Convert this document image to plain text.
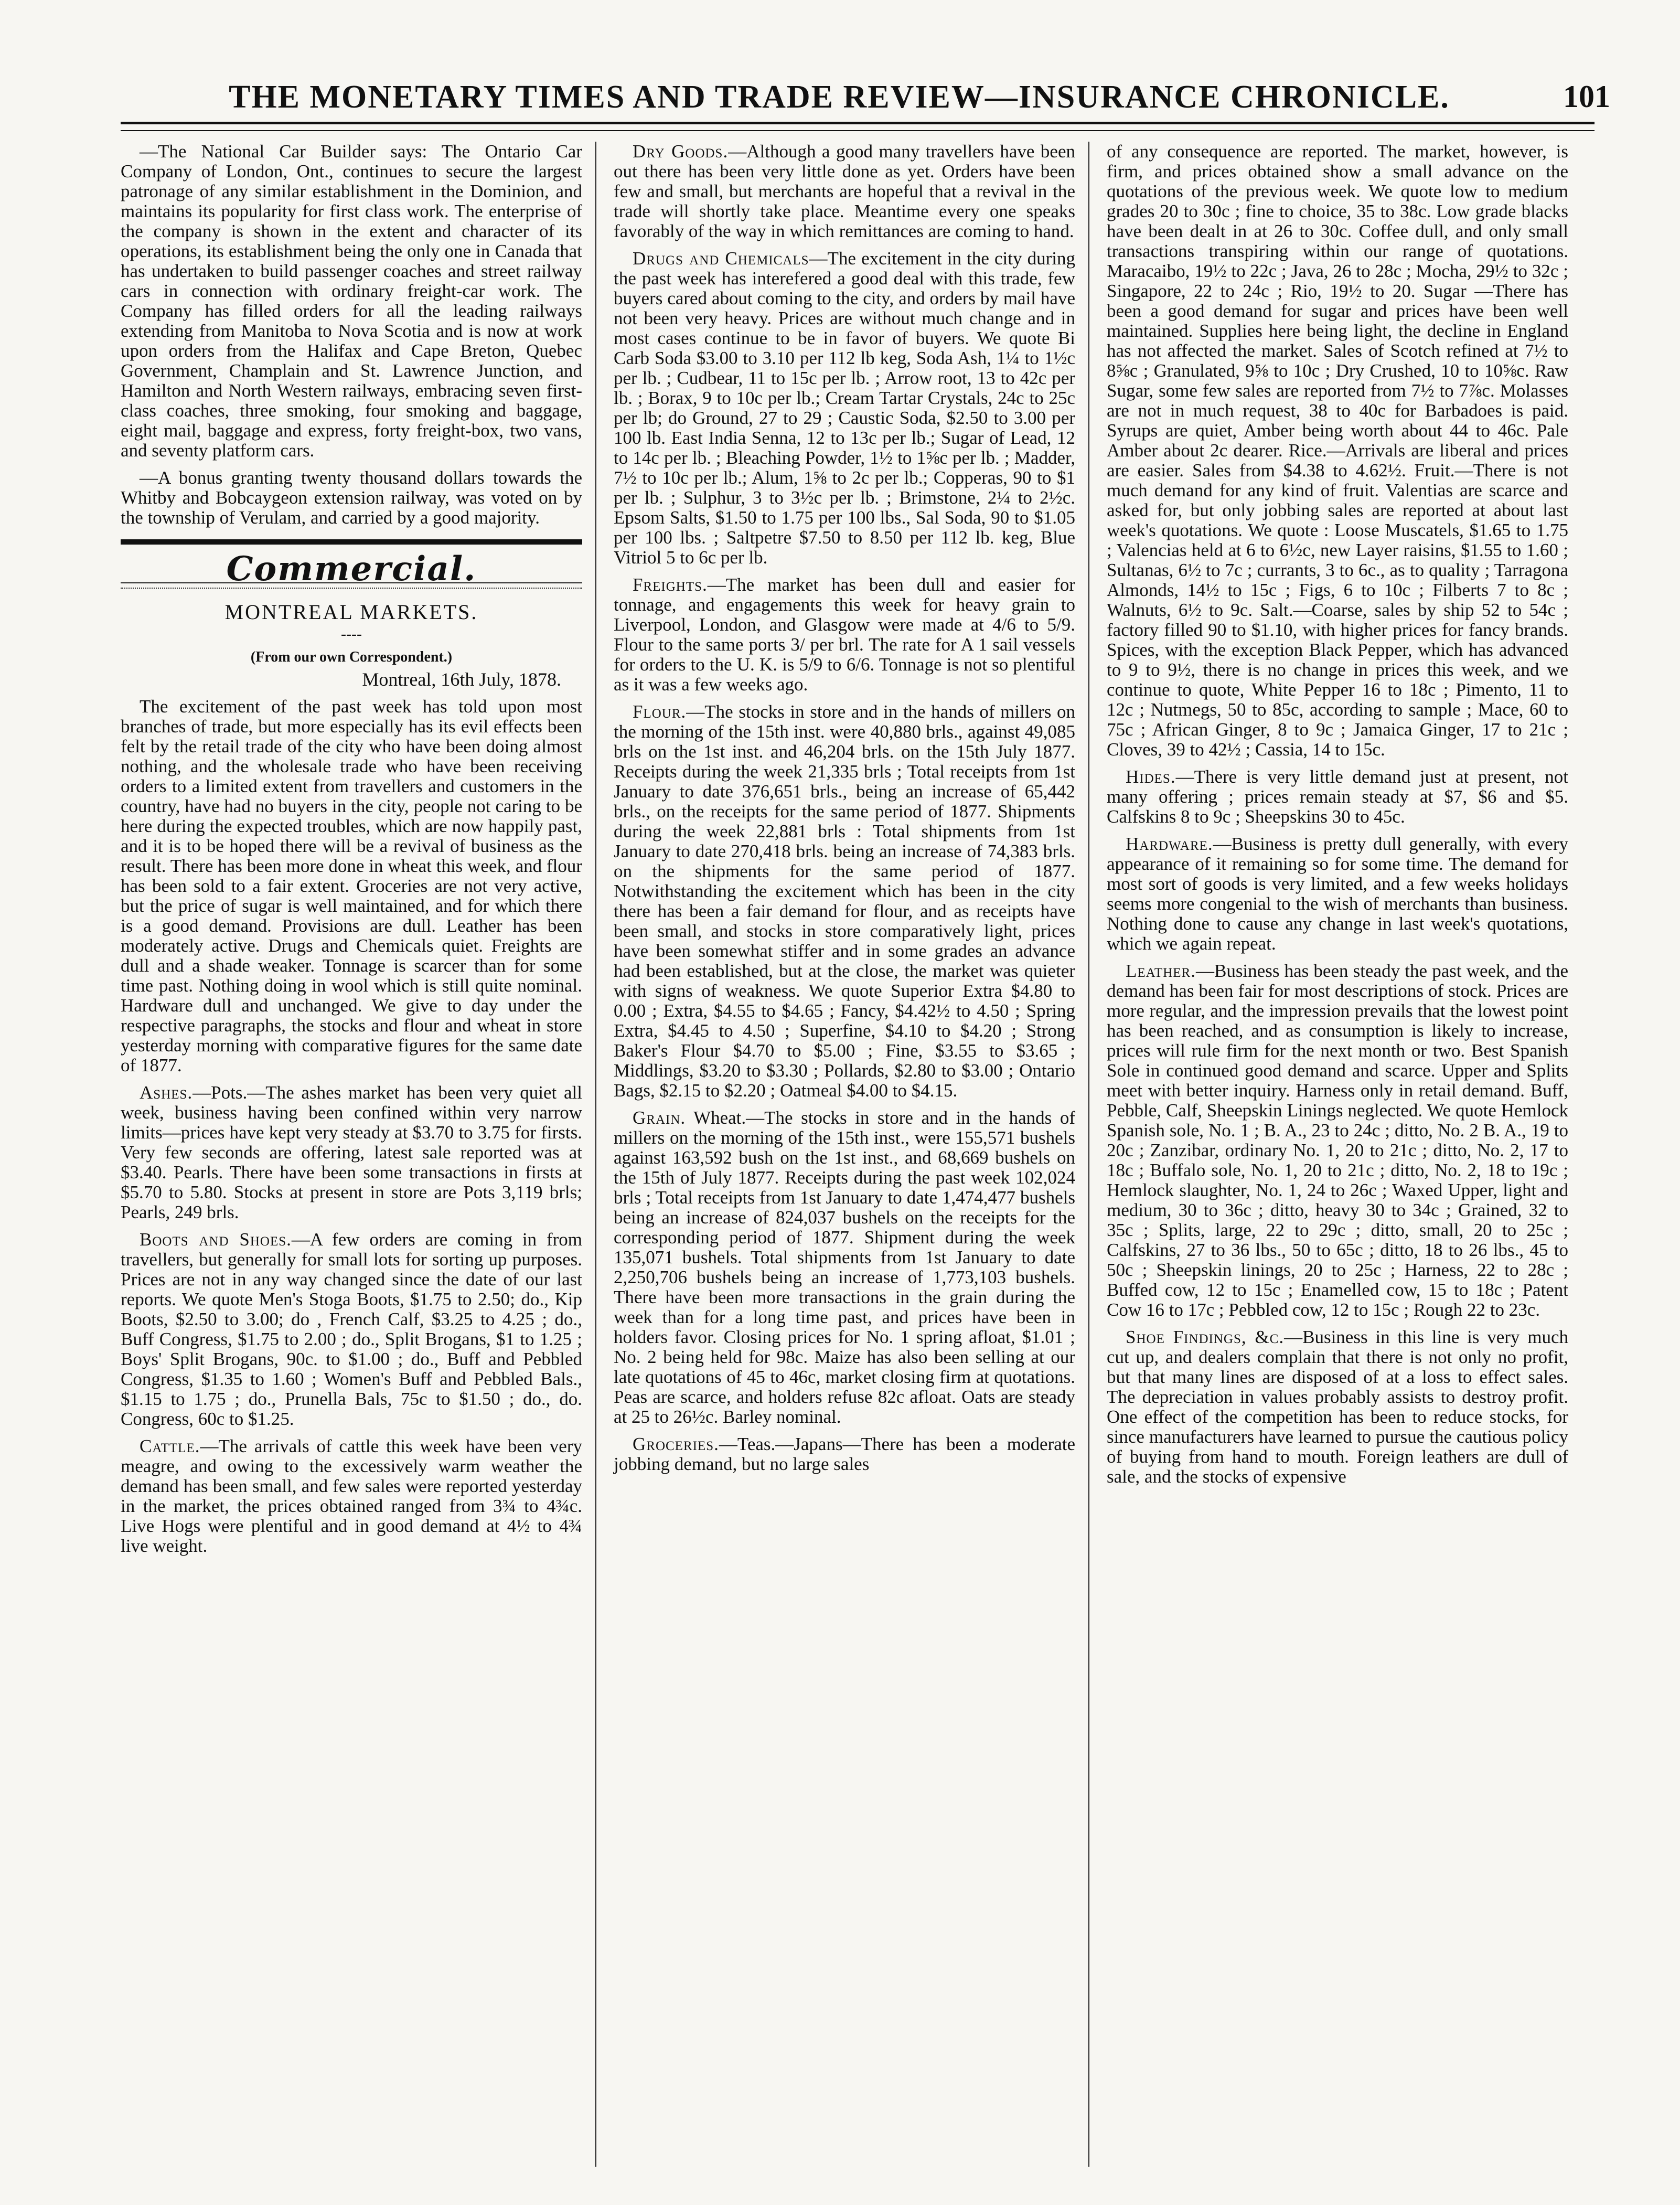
THE MONETARY TIMES AND TRADE REVIEW—INSURANCE CHRONICLE.	101

—The National Car Builder says: The Ontario Car Company of London, Ont., continues to secure the largest patronage of any similar establishment in the Dominion, and maintains its popularity for first class work. The enterprise of the company is shown in the extent and character of its operations, its establishment being the only one in Canada that has undertaken to build passenger coaches and street railway cars in connection with ordinary freight-car work. The Company has filled orders for all the leading railways extending from Manitoba to Nova Scotia and is now at work upon orders from the Halifax and Cape Breton, Quebec Government, Champlain and St. Lawrence Junction, and Hamilton and North Western railways, embracing seven first-class coaches, three smoking, four smoking and baggage, eight mail, baggage and express, forty freight-box, two vans, and seventy platform cars.

—A bonus granting twenty thousand dollars towards the Whitby and Bobcaygeon extension railway, was voted on by the township of Verulam, and carried by a good majority.

Commercial.
MONTREAL MARKETS.
----
(From our own Correspondent.)
Montreal, 16th July, 1878.

The excitement of the past week has told upon most branches of trade, but more especially has its evil effects been felt by the retail trade of the city who have been doing almost nothing, and the wholesale trade who have been receiving orders to a limited extent from travellers and customers in the country, have had no buyers in the city, people not caring to be here during the expected troubles, which are now happily past, and it is to be hoped there will be a revival of business as the result. There has been more done in wheat this week, and flour has been sold to a fair extent. Groceries are not very active, but the price of sugar is well maintained, and for which there is a good demand. Provisions are dull. Leather has been moderately active. Drugs and Chemicals quiet. Freights are dull and a shade weaker. Tonnage is scarcer than for some time past. Nothing doing in wool which is still quite nominal. Hardware dull and unchanged. We give to day under the respective paragraphs, the stocks and flour and wheat in store yesterday morning with comparative figures for the same date of 1877.

Ashes.—Pots.—The ashes market has been very quiet all week, business having been confined within very narrow limits—prices have kept very steady at $3.70 to 3.75 for firsts. Very few seconds are offering, latest sale reported was at $3.40. Pearls. There have been some transactions in firsts at $5.70 to 5.80. Stocks at present in store are Pots 3,119 brls; Pearls, 249 brls.

Boots and Shoes.—A few orders are coming in from travellers, but generally for small lots for sorting up purposes. Prices are not in any way changed since the date of our last reports. We quote Men's Stoga Boots, $1.75 to 2.50; do., Kip Boots, $2.50 to 3.00; do , French Calf, $3.25 to 4.25 ; do., Buff Congress, $1.75 to 2.00 ; do., Split Brogans, $1 to 1.25 ; Boys' Split Brogans, 90c. to $1.00 ; do., Buff and Pebbled Congress, $1.35 to 1.60 ; Women's Buff and Pebbled Bals., $1.15 to 1.75 ; do., Prunella Bals, 75c to $1.50 ; do., do. Congress, 60c to $1.25.

Cattle.—The arrivals of cattle this week have been very meagre, and owing to the excessively warm weather the demand has been small, and few sales were reported yesterday in the market, the prices obtained ranged from 3¾ to 4¾c. Live Hogs were plentiful and in good demand at 4½ to 4¾ live weight.

Dry Goods.—Although a good many travellers have been out there has been very little done as yet. Orders have been few and small, but merchants are hopeful that a revival in the trade will shortly take place. Meantime every one speaks favorably of the way in which remittances are coming to hand.

Drugs and Chemicals—The excitement in the city during the past week has interefered a good deal with this trade, few buyers cared about coming to the city, and orders by mail have not been very heavy. Prices are without much change and in most cases continue to be in favor of buyers. We quote Bi Carb Soda $3.00 to 3.10 per 112 lb keg, Soda Ash, 1¼ to 1½c per lb. ; Cudbear, 11 to 15c per lb. ; Arrow root, 13 to 42c per lb. ; Borax, 9 to 10c per lb.; Cream Tartar Crystals, 24c to 25c per lb; do Ground, 27 to 29 ; Caustic Soda, $2.50 to 3.00 per 100 lb. East India Senna, 12 to 13c per lb.; Sugar of Lead, 12 to 14c per lb. ; Bleaching Powder, 1½ to 1⅝c per lb. ; Madder, 7½ to 10c per lb.; Alum, 1⅝ to 2c per lb.; Copperas, 90 to $1 per lb. ; Sulphur, 3 to 3½c per lb. ; Brimstone, 2¼ to 2½c. Epsom Salts, $1.50 to 1.75 per 100 lbs., Sal Soda, 90 to $1.05 per 100 lbs. ; Saltpetre $7.50 to 8.50 per 112 lb. keg, Blue Vitriol 5 to 6c per lb.

Freights.—The market has been dull and easier for tonnage, and engagements this week for heavy grain to Liverpool, London, and Glasgow were made at 4/6 to 5/9. Flour to the same ports 3/ per brl. The rate for A 1 sail vessels for orders to the U. K. is 5/9 to 6/6. Tonnage is not so plentiful as it was a few weeks ago.

Flour.—The stocks in store and in the hands of millers on the morning of the 15th inst. were 40,880 brls., against 49,085 brls on the 1st inst. and 46,204 brls. on the 15th July 1877. Receipts during the week 21,335 brls ; Total receipts from 1st January to date 376,651 brls., being an increase of 65,442 brls., on the receipts for the same period of 1877. Shipments during the week 22,881 brls : Total shipments from 1st January to date 270,418 brls. being an increase of 74,383 brls. on the shipments for the same period of 1877. Notwithstanding the excitement which has been in the city there has been a fair demand for flour, and as receipts have been small, and stocks in store comparatively light, prices have been somewhat stiffer and in some grades an advance had been established, but at the close, the market was quieter with signs of weakness. We quote Superior Extra $4.80 to 0.00 ; Extra, $4.55 to $4.65 ; Fancy, $4.42½ to 4.50 ; Spring Extra, $4.45 to 4.50 ; Superfine, $4.10 to $4.20 ; Strong Baker's Flour $4.70 to $5.00 ; Fine, $3.55 to $3.65 ; Middlings, $3.20 to $3.30 ; Pollards, $2.80 to $3.00 ; Ontario Bags, $2.15 to $2.20 ; Oatmeal $4.00 to $4.15.

Grain. Wheat.—The stocks in store and in the hands of millers on the morning of the 15th inst., were 155,571 bushels against 163,592 bush on the 1st inst., and 68,669 bushels on the 15th of July 1877. Receipts during the past week 102,024 brls ; Total receipts from 1st January to date 1,474,477 bushels being an increase of 824,037 bushels on the receipts for the corresponding period of 1877. Shipment during the week 135,071 bushels. Total shipments from 1st January to date 2,250,706 bushels being an increase of 1,773,103 bushels. There have been more transactions in the grain during the week than for a long time past, and prices have been in holders favor. Closing prices for No. 1 spring afloat, $1.01 ; No. 2 being held for 98c. Maize has also been selling at our late quotations of 45 to 46c, market closing firm at quotations. Peas are scarce, and holders refuse 82c afloat. Oats are steady at 25 to 26½c. Barley nominal.

Groceries.—Teas.—Japans—There has been a moderate jobbing demand, but no large sales

of any consequence are reported. The market, however, is firm, and prices obtained show a small advance on the quotations of the previous week. We quote low to medium grades 20 to 30c ; fine to choice, 35 to 38c. Low grade blacks have been dealt in at 26 to 30c. Coffee dull, and only small transactions transpiring within our range of quotations. Maracaibo, 19½ to 22c ; Java, 26 to 28c ; Mocha, 29½ to 32c ; Singapore, 22 to 24c ; Rio, 19½ to 20. Sugar —There has been a good demand for sugar and prices have been well maintained. Supplies here being light, the decline in England has not affected the market. Sales of Scotch refined at 7½ to 8⅝c ; Granulated, 9⅝ to 10c ; Dry Crushed, 10 to 10⅝c. Raw Sugar, some few sales are reported from 7½ to 7⅞c. Molasses are not in much request, 38 to 40c for Barbadoes is paid. Syrups are quiet, Amber being worth about 44 to 46c. Pale Amber about 2c dearer. Rice.—Arrivals are liberal and prices are easier. Sales from $4.38 to 4.62½. Fruit.—There is not much demand for any kind of fruit. Valentias are scarce and asked for, but only jobbing sales are reported at about last week's quotations. We quote : Loose Muscatels, $1.65 to 1.75 ; Valencias held at 6 to 6½c, new Layer raisins, $1.55 to 1.60 ; Sultanas, 6½ to 7c ; currants, 3 to 6c., as to quality ; Tarragona Almonds, 14½ to 15c ; Figs, 6 to 10c ; Filberts 7 to 8c ; Walnuts, 6½ to 9c. Salt.—Coarse, sales by ship 52 to 54c ; factory filled 90 to $1.10, with higher prices for fancy brands. Spices, with the exception Black Pepper, which has advanced to 9 to 9½, there is no change in prices this week, and we continue to quote, White Pepper 16 to 18c ; Pimento, 11 to 12c ; Nutmegs, 50 to 85c, according to sample ; Mace, 60 to 75c ; African Ginger, 8 to 9c ; Jamaica Ginger, 17 to 21c ; Cloves, 39 to 42½ ; Cassia, 14 to 15c.

Hides.—There is very little demand just at present, not many offering ; prices remain steady at $7, $6 and $5. Calfskins 8 to 9c ; Sheepskins 30 to 45c.

Hardware.—Business is pretty dull generally, with every appearance of it remaining so for some time. The demand for most sort of goods is very limited, and a few weeks holidays seems more congenial to the wish of merchants than business. Nothing done to cause any change in last week's quotations, which we again repeat.

Leather.—Business has been steady the past week, and the demand has been fair for most descriptions of stock. Prices are more regular, and the impression prevails that the lowest point has been reached, and as consumption is likely to increase, prices will rule firm for the next month or two. Best Spanish Sole in continued good demand and scarce. Upper and Splits meet with better inquiry. Harness only in retail demand. Buff, Pebble, Calf, Sheepskin Linings neglected. We quote Hemlock Spanish sole, No. 1 ; B. A., 23 to 24c ; ditto, No. 2 B. A., 19 to 20c ; Zanzibar, ordinary No. 1, 20 to 21c ; ditto, No. 2, 17 to 18c ; Buffalo sole, No. 1, 20 to 21c ; ditto, No. 2, 18 to 19c ; Hemlock slaughter, No. 1, 24 to 26c ; Waxed Upper, light and medium, 30 to 36c ; ditto, heavy 30 to 34c ; Grained, 32 to 35c ; Splits, large, 22 to 29c ; ditto, small, 20 to 25c ; Calfskins, 27 to 36 lbs., 50 to 65c ; ditto, 18 to 26 lbs., 45 to 50c ; Sheepskin linings, 20 to 25c ; Harness, 22 to 28c ; Buffed cow, 12 to 15c ; Enamelled cow, 15 to 18c ; Patent Cow 16 to 17c ; Pebbled cow, 12 to 15c ; Rough 22 to 23c.

Shoe Findings, &c.—Business in this line is very much cut up, and dealers complain that there is not only no profit, but that many lines are disposed of at a loss to effect sales. The depreciation in values probably assists to destroy profit. One effect of the competition has been to reduce stocks, for since manufacturers have learned to pursue the cautious policy of buying from hand to mouth. Foreign leathers are dull of sale, and the stocks of expensive
